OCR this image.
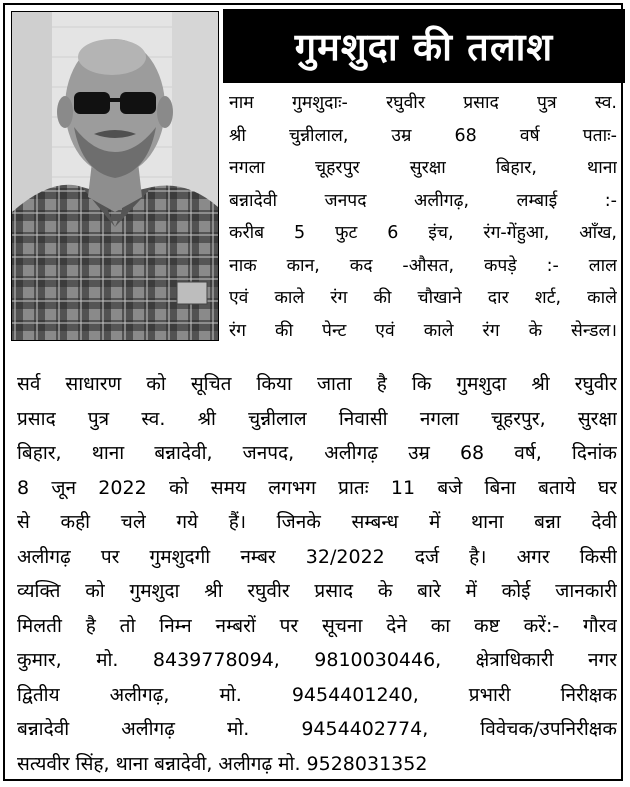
गुमशुदा की तलाश
नाम गुमशुदाः- रघुवीर प्रसाद पुत्र स्व.
श्री चुन्नीलाल, उम्र 68 वर्ष पताः-
नगला चूहरपुर सुरक्षा बिहार, थाना
बन्नादेवी जनपद अलीगढ़, लम्बाई :-
करीब 5 फुट 6 इंच, रंग-गेंहुआ, आँख,
नाक कान, कद -औसत, कपड़े :- लाल
एवं काले रंग की चौखाने दार शर्ट, काले
रंग की पेन्ट एवं काले रंग के सेन्डल।
सर्व साधारण को सूचित किया जाता है कि गुमशुदा श्री रघुवीर
प्रसाद पुत्र स्व. श्री चुन्नीलाल निवासी नगला चूहरपुर, सुरक्षा
बिहार, थाना बन्नादेवी, जनपद, अलीगढ़ उम्र 68 वर्ष, दिनांक
8 जून 2022 को समय लगभग प्रातः 11 बजे बिना बताये घर
से कही चले गये हैं। जिनके सम्बन्ध में थाना बन्ना देवी
अलीगढ़ पर गुमशुदगी नम्बर 32/2022 दर्ज है। अगर किसी
व्यक्ति को गुमशुदा श्री रघुवीर प्रसाद के बारे में कोई जानकारी
मिलती है तो निम्न नम्बरों पर सूचना देने का कष्ट करें:- गौरव
कुमार, मो. 8439778094, 9810030446, क्षेत्राधिकारी नगर
द्वितीय अलीगढ़, मो. 9454401240, प्रभारी निरीक्षक
बन्नादेवी अलीगढ़ मो. 9454402774, विवेचक/उपनिरीक्षक
सत्यवीर सिंह, थाना बन्नादेवी, अलीगढ़ मो. 9528031352
